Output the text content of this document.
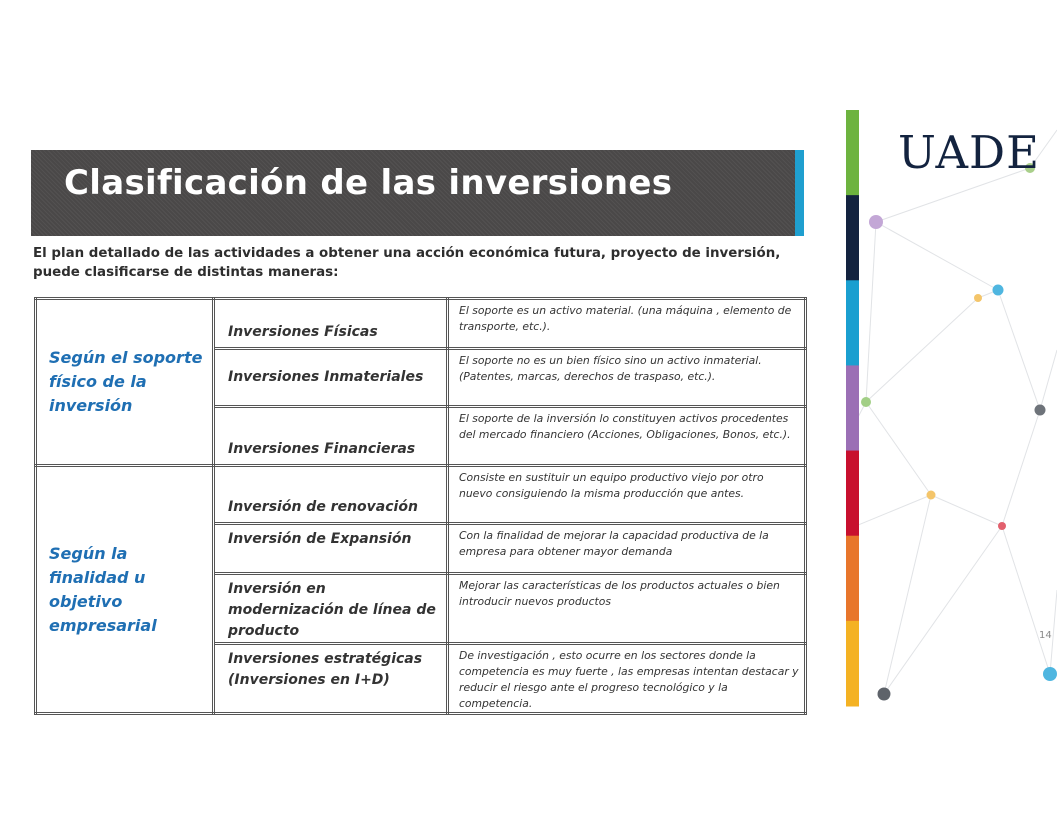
Clasificación de las inversiones

El plan detallado de las actividades a obtener una acción económica futura, proyecto de inversión, puede clasificarse de distintas maneras:

Según el soporte físico de la inversión	Inversiones Físicas	El soporte es un activo material. (una máquina , elemento de transporte, etc.).
	Inversiones Inmateriales	El soporte no es un bien físico sino un activo inmaterial. (Patentes, marcas, derechos de traspaso, etc.).
	Inversiones Financieras	El soporte de la inversión lo constituyen activos procedentes del mercado financiero (Acciones, Obligaciones, Bonos, etc.).
Según la finalidad u objetivo empresarial	Inversión de renovación	Consiste en sustituir un equipo productivo viejo por otro nuevo consiguiendo la misma producción que antes.
	Inversión de Expansión	Con la finalidad de mejorar la capacidad productiva de la empresa para obtener mayor demanda
	Inversión en modernización de línea de producto	Mejorar las características de los productos actuales o bien introducir nuevos productos
	Inversiones estratégicas (Inversiones en I+D)	De investigación , esto ocurre en los sectores donde la competencia es muy fuerte , las empresas intentan destacar y reducir el riesgo ante el progreso tecnológico y la competencia.
UADE
14
